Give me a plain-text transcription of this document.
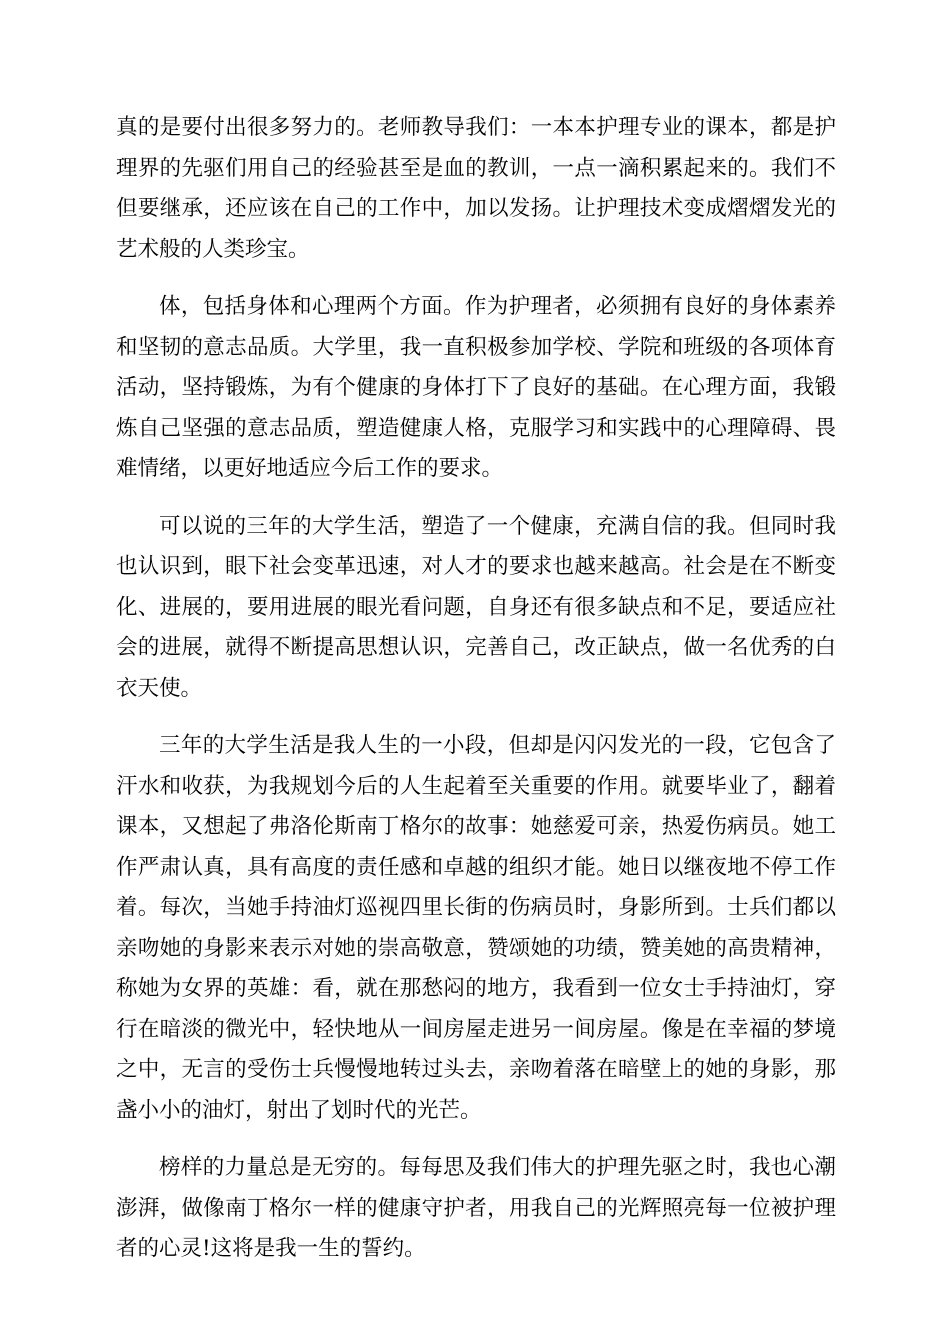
真的是要付出很多努力的。老师教导我们：一本本护理专业的课本，都是护理界的先驱们用自己的经验甚至是血的教训，一点一滴积累起来的。我们不但要继承，还应该在自己的工作中，加以发扬。让护理技术变成熠熠发光的艺术般的人类珍宝。

体，包括身体和心理两个方面。作为护理者，必须拥有良好的身体素养和坚韧的意志品质。大学里，我一直积极参加学校、学院和班级的各项体育活动，坚持锻炼，为有个健康的身体打下了良好的基础。在心理方面，我锻炼自己坚强的意志品质，塑造健康人格，克服学习和实践中的心理障碍、畏难情绪，以更好地适应今后工作的要求。

可以说的三年的大学生活，塑造了一个健康，充满自信的我。但同时我也认识到，眼下社会变革迅速，对人才的要求也越来越高。社会是在不断变化、进展的，要用进展的眼光看问题，自身还有很多缺点和不足，要适应社会的进展，就得不断提高思想认识，完善自己，改正缺点，做一名优秀的白衣天使。

三年的大学生活是我人生的一小段，但却是闪闪发光的一段，它包含了汗水和收获，为我规划今后的人生起着至关重要的作用。就要毕业了，翻着课本，又想起了弗洛伦斯南丁格尔的故事：她慈爱可亲，热爱伤病员。她工作严肃认真，具有高度的责任感和卓越的组织才能。她日以继夜地不停工作着。每次，当她手持油灯巡视四里长街的伤病员时，身影所到。士兵们都以亲吻她的身影来表示对她的崇高敬意，赞颂她的功绩，赞美她的高贵精神，称她为女界的英雄：看，就在那愁闷的地方，我看到一位女士手持油灯，穿行在暗淡的微光中，轻快地从一间房屋走进另一间房屋。像是在幸福的梦境之中，无言的受伤士兵慢慢地转过头去，亲吻着落在暗壁上的她的身影，那盏小小的油灯，射出了划时代的光芒。

榜样的力量总是无穷的。每每思及我们伟大的护理先驱之时，我也心潮澎湃，做像南丁格尔一样的健康守护者，用我自己的光辉照亮每一位被护理者的心灵!这将是我一生的誓约。
